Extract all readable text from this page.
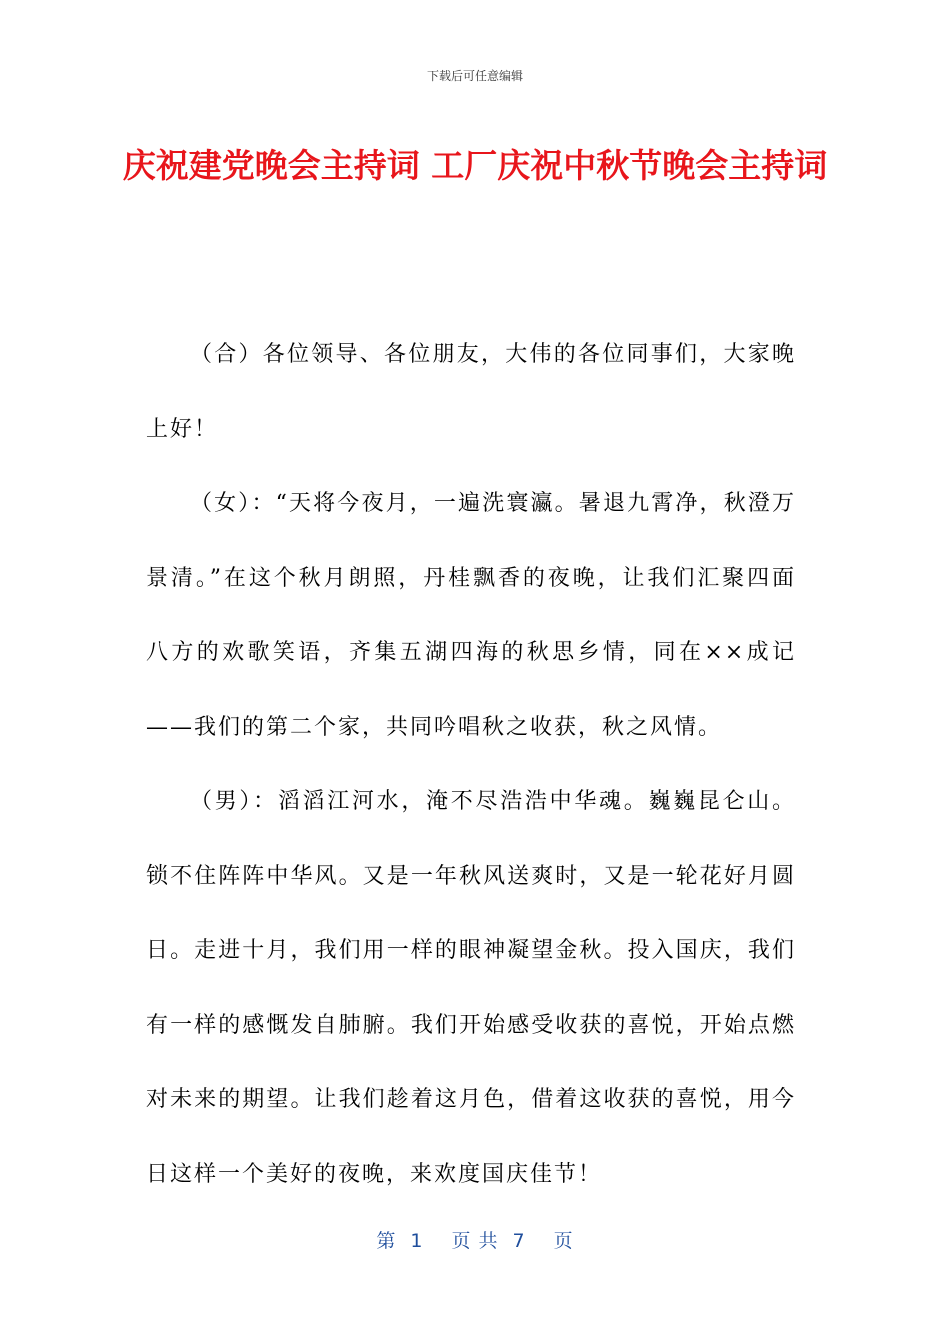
下载后可任意编辑
庆祝建党晚会主持词 工厂庆祝中秋节晚会主持词

（合）各位领导、各位朋友，大伟的各位同事们，大家晚上好！

（女）：“天将今夜月，一遍洗寰瀛。暑退九霄净，秋澄万景清。”在这个秋月朗照，丹桂飘香的夜晚，让我们汇聚四面八方的欢歌笑语，齐集五湖四海的秋思乡情，同在××成记——我们的第二个家，共同吟唱秋之收获，秋之风情。

（男）：滔滔江河水，淹不尽浩浩中华魂。巍巍昆仑山。锁不住阵阵中华风。又是一年秋风送爽时，又是一轮花好月圆日。走进十月，我们用一样的眼神凝望金秋。投入国庆，我们有一样的感慨发自肺腑。我们开始感受收获的喜悦，开始点燃对未来的期望。让我们趁着这月色，借着这收获的喜悦，用今日这样一个美好的夜晚，来欢度国庆佳节！

第 1 页 共 7 页
